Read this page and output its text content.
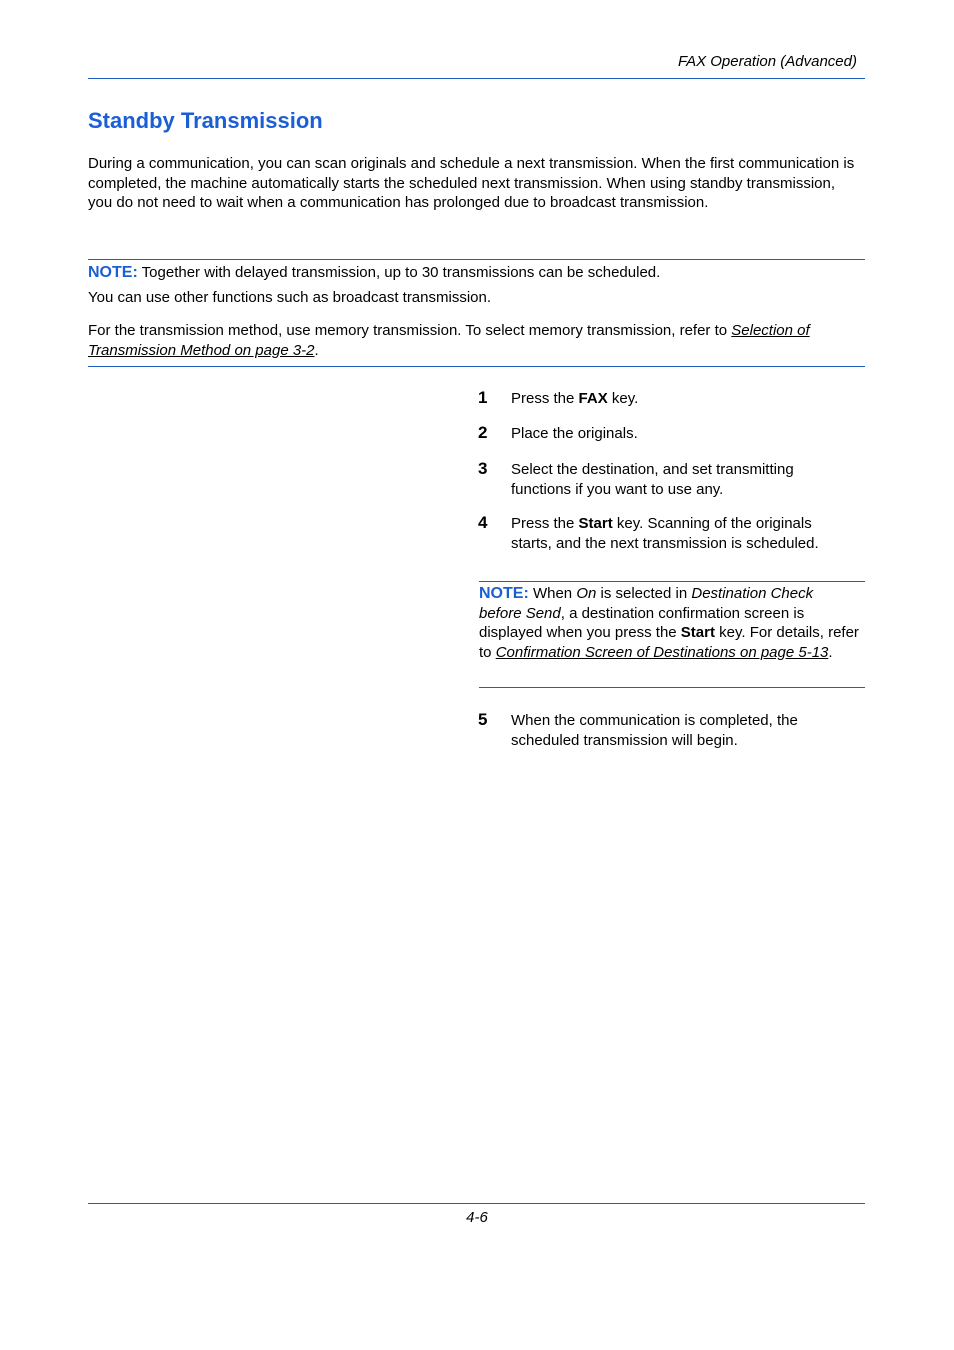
FAX Operation (Advanced)
Standby Transmission
During a communication, you can scan originals and schedule a next transmission. When the first communication is completed, the machine automatically starts the scheduled next transmission. When using standby transmission, you do not need to wait when a communication has prolonged due to broadcast transmission.
NOTE: Together with delayed transmission, up to 30 transmissions can be scheduled.
You can use other functions such as broadcast transmission.
For the transmission method, use memory transmission. To select memory transmission, refer to Selection of Transmission Method on page 3-2.
1 Press the FAX key.
2 Place the originals.
3 Select the destination, and set transmitting functions if you want to use any.
4 Press the Start key. Scanning of the originals starts, and the next transmission is scheduled.
NOTE: When On is selected in Destination Check before Send, a destination confirmation screen is displayed when you press the Start key. For details, refer to Confirmation Screen of Destinations on page 5-13.
5 When the communication is completed, the scheduled transmission will begin.
4-6
